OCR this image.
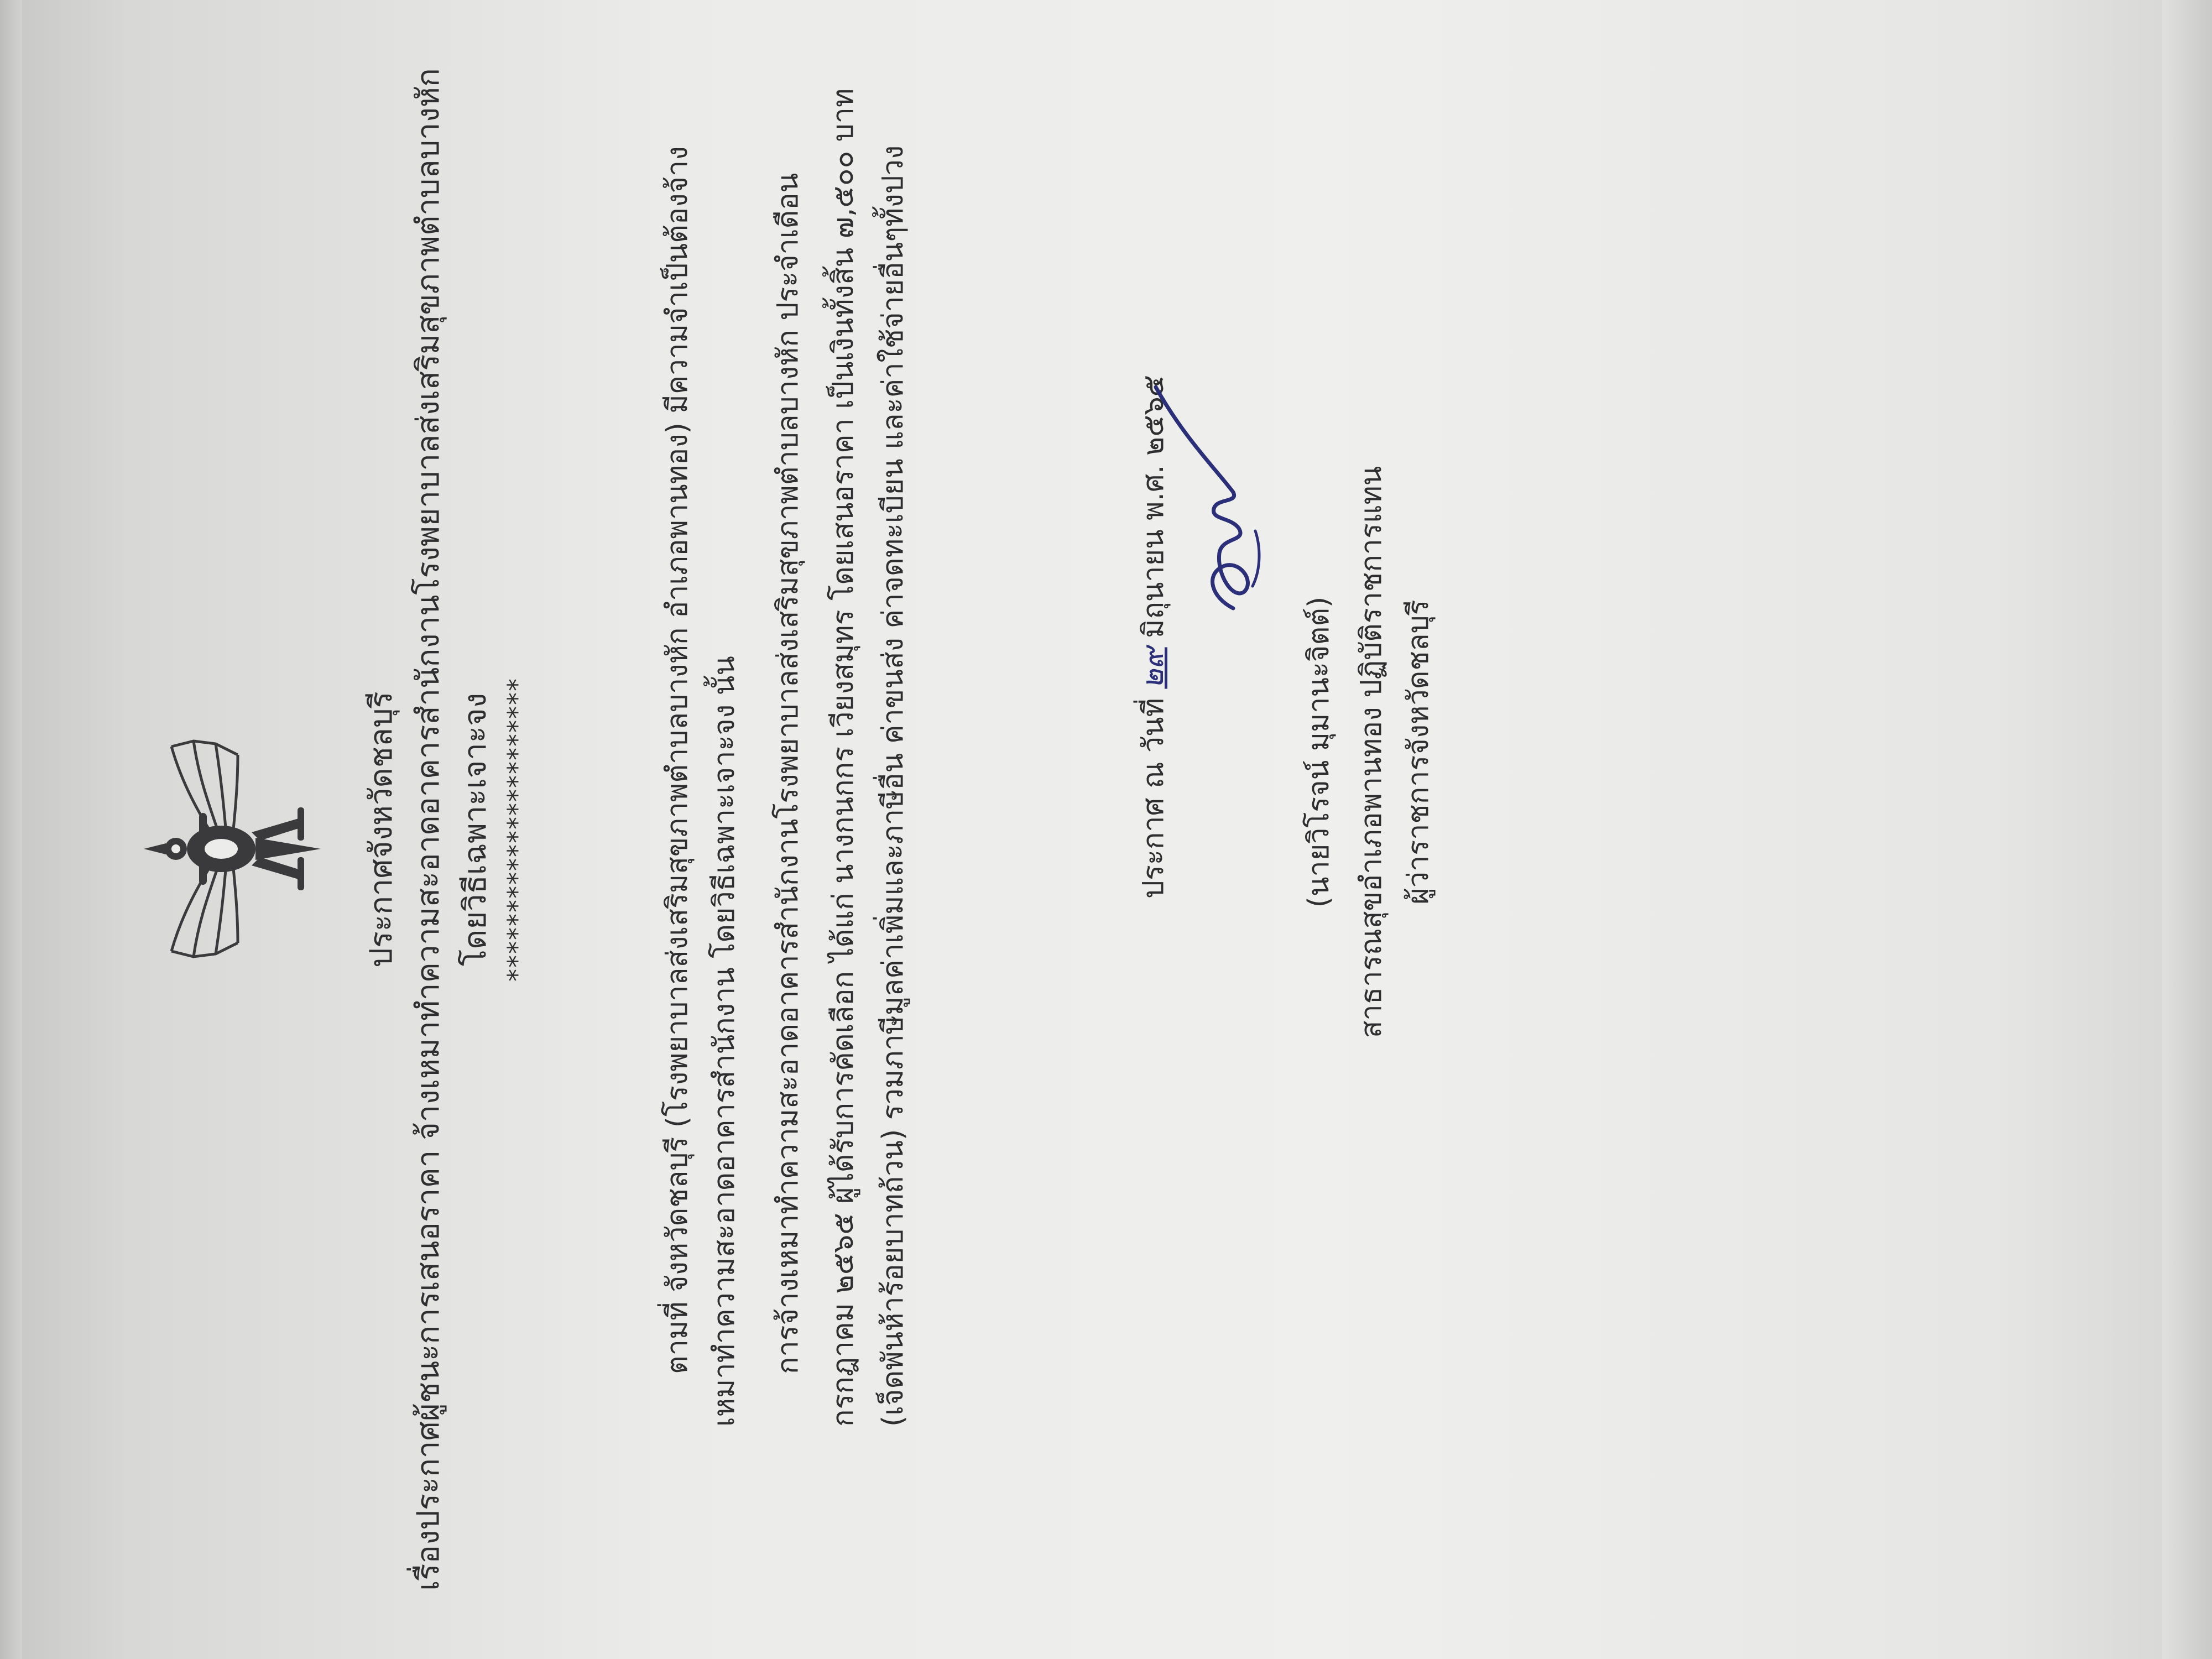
ประกาศจังหวัดชลบุรี เรื่องประกาศผู้ชนะการเสนอราคา จ้างเหมาทำความสะอาดอาคารสำนักงานโรงพยาบาลส่งเสริมสุขภาพตำบลบางหัก โดยวิธีเฉพาะเจาะจง **********************	ตามที่ จังหวัดชลบุรี (โรงพยาบาลส่งเสริมสุขภาพตำบลบางหัก อำเภอพานทอง) มีความจำเป็นต้องจ้าง เหมาทำความสะอาดอาคารสำนักงาน โดยวิธีเฉพาะเจาะจง นั้น การจ้างเหมาทำความสะอาดอาคารสำนักงานโรงพยาบาลส่งเสริมสุขภาพตำบลบางหัก ประจำเดือน กรกฎาคม ๒๕๖๕ ผู้ได้รับการคัดเลือก ได้แก่ นางกนกกร เวียงสมุทร โดยเสนอราคา เป็นเงินทั้งสิ้น ๗,๕๐๐ บาท (เจ็ดพันห้าร้อยบาทถ้วน) รวมภาษีมูลค่าเพิ่มและภาษีอื่น ค่าขนส่ง ค่าจดทะเบียน และค่าใช้จ่ายอื่นๆทั้งปวง	ประกาศ ณ วันที่ ๒๙ มิถุนายน พ.ศ. ๒๕๖๕
(นายวิโรจน์ มุมานะจิตต์) สาธารณสุขอำเภอพานทอง ปฏิบัติราชการแทน ผู้ว่าราชการจังหวัดชลบุรี
